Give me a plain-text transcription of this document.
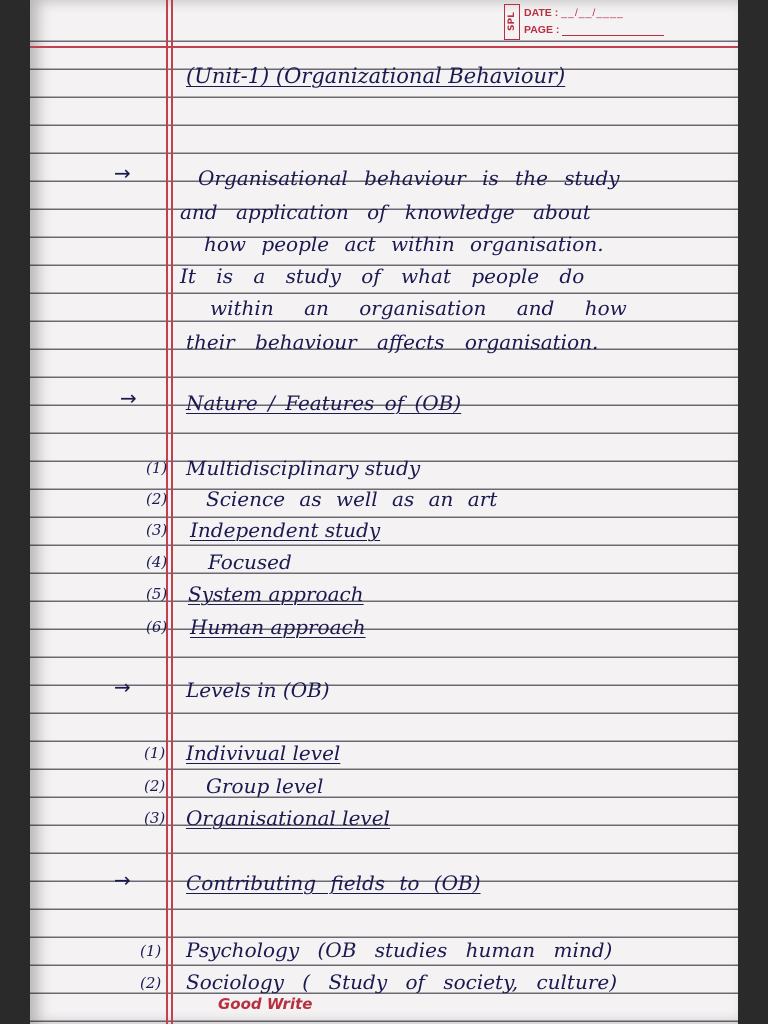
SPL DATE : __/__/____
PAGE :
(Unit-1) (Organizational Behaviour)
→	Organisational behaviour is the study
and application of knowledge about
how people act within organisation.
It is a study of what people do
within an organisation and how
their behaviour affects organisation.
→ Nature / Features of (OB)
(1) Multidisciplinary study
(2) Science as well as an art
(3) Independent study
(4) Focused
(5) System approach
(6) Human approach
→	Levels in (OB)
(1) Indivivual level
(2) Group level
(3) Organisational level
→	Contributing fields to (OB)
(1) Psychology (OB studies human mind)
(2) Sociology ( Study of society, culture)
Good Write
